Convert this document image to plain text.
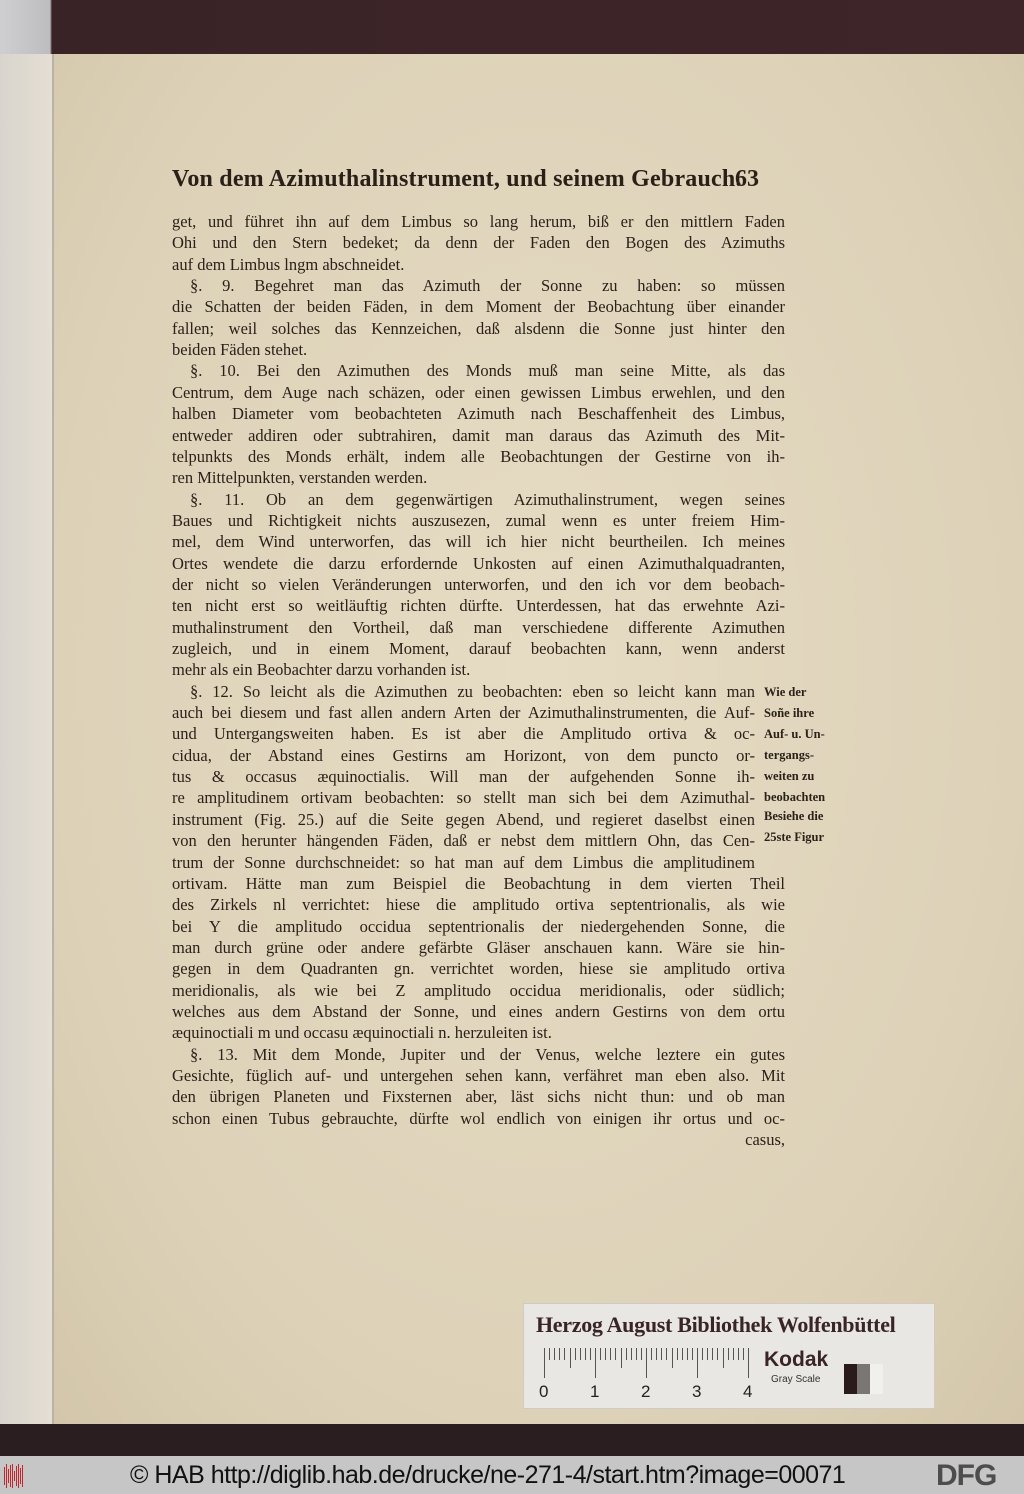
Von dem Azimuthalinstrument, und seinem Gebrauch.
63
get, und führet ihn auf dem Limbus so lang herum, biß er den mittlern Faden
Ohi und den Stern bedeket; da denn der Faden den Bogen des Azimuths
auf dem Limbus lngm abschneidet.
§. 9. Begehret man das Azimuth der Sonne zu haben: so müssen
die Schatten der beiden Fäden, in dem Moment der Beobachtung über einander
fallen; weil solches das Kennzeichen, daß alsdenn die Sonne just hinter den
beiden Fäden stehet.
§. 10. Bei den Azimuthen des Monds muß man seine Mitte, als das
Centrum, dem Auge nach schäzen, oder einen gewissen Limbus erwehlen, und den
halben Diameter vom beobachteten Azimuth nach Beschaffenheit des Limbus,
entweder addiren oder subtrahiren, damit man daraus das Azimuth des Mit-
telpunkts des Monds erhält, indem alle Beobachtungen der Gestirne von ih-
ren Mittelpunkten, verstanden werden.
§. 11. Ob an dem gegenwärtigen Azimuthalinstrument, wegen seines
Baues und Richtigkeit nichts auszusezen, zumal wenn es unter freiem Him-
mel, dem Wind unterworfen, das will ich hier nicht beurtheilen. Ich meines
Ortes wendete die darzu erfordernde Unkosten auf einen Azimuthalquadranten,
der nicht so vielen Veränderungen unterworfen, und den ich vor dem beobach-
ten nicht erst so weitläuftig richten dürfte. Unterdessen, hat das erwehnte Azi-
muthalinstrument den Vortheil, daß man verschiedene differente Azimuthen
zugleich, und in einem Moment, darauf beobachten kann, wenn anderst
mehr als ein Beobachter darzu vorhanden ist.
§. 12. So leicht als die Azimuthen zu beobachten: eben so leicht kann man
auch bei diesem und fast allen andern Arten der Azimuthalinstrumenten, die Auf-
und Untergangsweiten haben. Es ist aber die Amplitudo ortiva & oc-
cidua, der Abstand eines Gestirns am Horizont, von dem puncto or-
tus & occasus æquinoctialis. Will man der aufgehenden Sonne ih-
re amplitudinem ortivam beobachten: so stellt man sich bei dem Azimuthal-
instrument (Fig. 25.) auf die Seite gegen Abend, und regieret daselbst einen
von den herunter hängenden Fäden, daß er nebst dem mittlern Ohn, das Cen-
trum der Sonne durchschneidet: so hat man auf dem Limbus die amplitudinem
ortivam. Hätte man zum Beispiel die Beobachtung in dem vierten Theil
des Zirkels nl verrichtet: hiese die amplitudo ortiva septentrionalis, als wie
bei Y die amplitudo occidua septentrionalis der niedergehenden Sonne, die
man durch grüne oder andere gefärbte Gläser anschauen kann. Wäre sie hin-
gegen in dem Quadranten gn. verrichtet worden, hiese sie amplitudo ortiva
meridionalis, als wie bei Z amplitudo occidua meridionalis, oder südlich;
welches aus dem Abstand der Sonne, und eines andern Gestirns von dem ortu
æquinoctiali m und occasu æquinoctiali n. herzuleiten ist.
§. 13. Mit dem Monde, Jupiter und der Venus, welche leztere ein gutes
Gesichte, füglich auf- und untergehen sehen kann, verfähret man eben also. Mit
den übrigen Planeten und Fixsternen aber, läst sichs nicht thun: und ob man
schon einen Tubus gebrauchte, dürfte wol endlich von einigen ihr ortus und oc-
casus,
Wie der
Soñe ihre
Auf- u. Un-
tergangs-
weiten zu
beobachten
Besiehe die
25ste Figur
Herzog August Bibliothek Wolfenbüttel
0 1 2 3 4
Kodak
Gray Scale
© HAB http://diglib.hab.de/drucke/ne-271-4/start.htm?image=00071	DFG
